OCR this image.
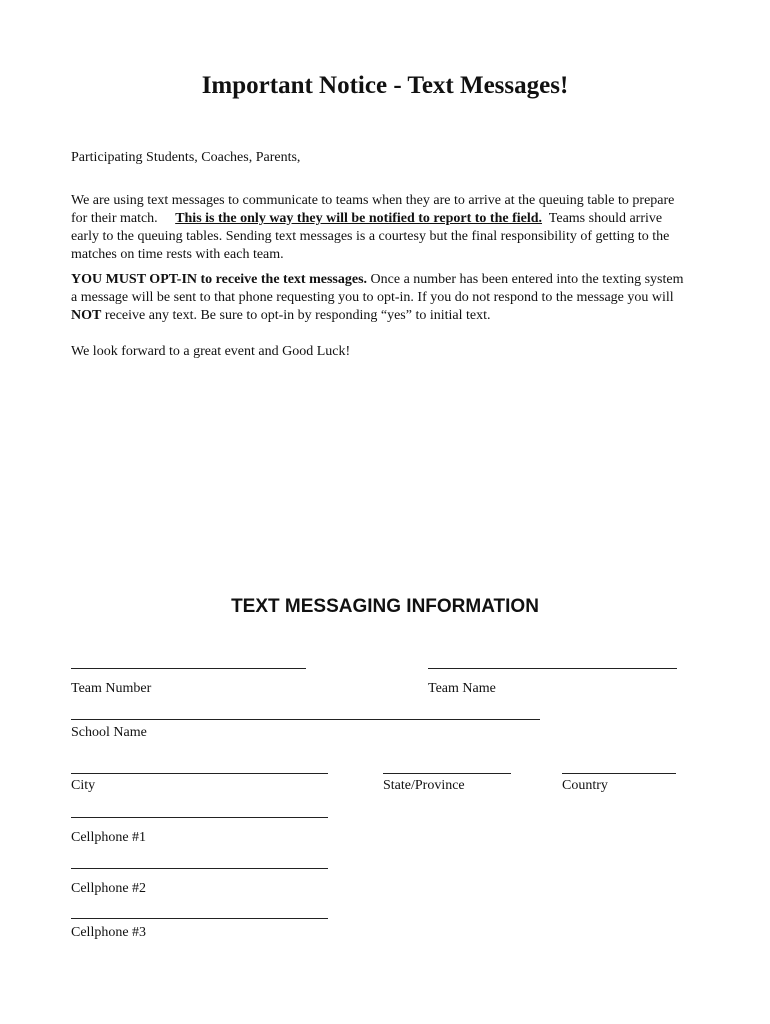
Important Notice - Text Messages!

Participating Students, Coaches, Parents,

We are using text messages to communicate to teams when they are to arrive at the queuing table to prepare for their match. This is the only way they will be notified to report to the field. Teams should arrive early to the queuing tables. Sending text messages is a courtesy but the final responsibility of getting to the matches on time rests with each team.

YOU MUST OPT-IN to receive the text messages. Once a number has been entered into the texting system a message will be sent to that phone requesting you to opt-in. If you do not respond to the message you will NOT receive any text. Be sure to opt-in by responding “yes” to initial text.

We look forward to a great event and Good Luck!

TEXT MESSAGING INFORMATION
Team Number	Team Name
School Name
City	State/Province	Country
Cellphone #1
Cellphone #2
Cellphone #3
